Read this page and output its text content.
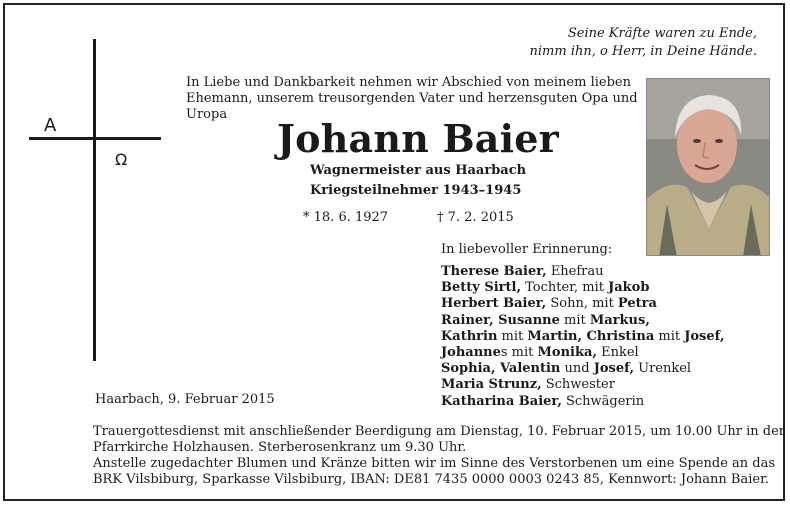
Seine Kräfte waren zu Ende,
nimm ihn, o Herr, in Deine Hände.
A
Ω
In Liebe und Dankbarkeit nehmen wir Abschied von meinem lieben
Ehemann, unserem treusorgenden Vater und herzensguten Opa und
Uropa
Johann Baier
Wagnermeister aus Haarbach
Kriegsteilnehmer 1943–1945
* 18. 6. 1927	† 7. 2. 2015
In liebevoller Erinnerung:
Therese Baier, Ehefrau
Betty Sirtl, Tochter, mit Jakob
Herbert Baier, Sohn, mit Petra
Rainer, Susanne mit Markus,
Kathrin mit Martin, Christina mit Josef,
Johannes mit Monika, Enkel
Sophia, Valentin und Josef, Urenkel
Maria Strunz, Schwester
Katharina Baier, Schwägerin
Haarbach, 9. Februar 2015
Trauergottesdienst mit anschließender Beerdigung am Dienstag, 10. Februar 2015, um 10.00 Uhr in der
Pfarrkirche Holzhausen. Sterberosenkranz um 9.30 Uhr.
Anstelle zugedachter Blumen und Kränze bitten wir im Sinne des Verstorbenen um eine Spende an das
BRK Vilsbiburg, Sparkasse Vilsbiburg, IBAN: DE81 7435 0000 0003 0243 85, Kennwort: Johann Baier.
